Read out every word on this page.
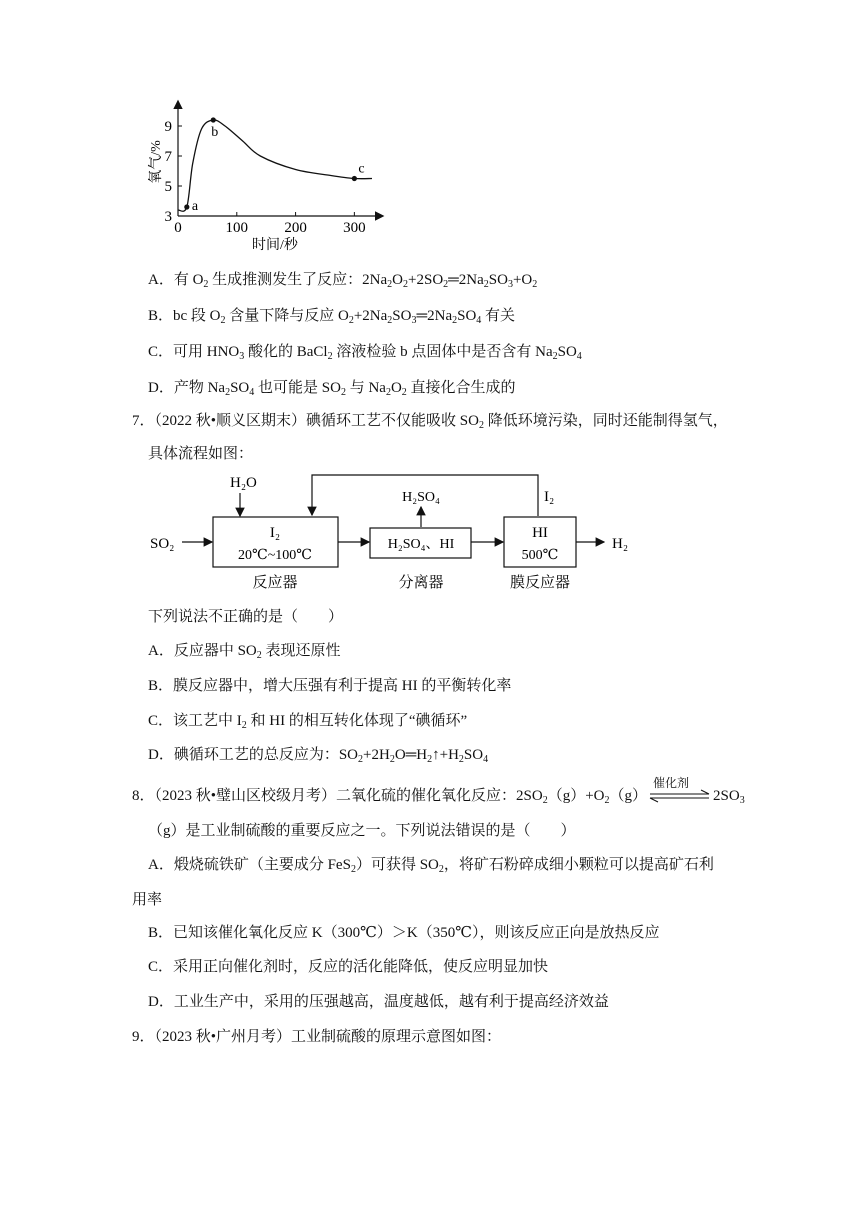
0	100 200 300
3
5
7
9
时间/秒
氧气/%
a
b
c
A．有 $O_2$ 生成推测发生了反应：$2Na_2O_2+2SO_2═2Na_2SO_3+O_2$
B．bc 段 $O_2$ 含量下降与反应 $O_2+2Na_2SO_3═2Na_2SO_4$ 有关
C．可用 $HNO_3$ 酸化的 BaCl$_2$ 溶液检验 b 点固体中是否含有 $Na_2SO_4$
D．产物 $Na_2SO_4$ 也可能是 $SO_2$ 与 $Na_2O_2$ 直接化合生成的
7．（2022 秋•顺义区期末）碘循环工艺不仅能吸收 $SO_2$ 降低环境污染，同时还能制得氢气，
具体流程如图：
SO₂
H₂O
I₂
20℃~100℃
反应器
H₂SO₄、HI
分离器
H₂SO₄
HI
500℃
膜反应器
H₂
I₂
下列说法不正确的是（　　）
A．反应器中 $SO_2$ 表现还原性
B．膜反应器中，增大压强有利于提高 HI 的平衡转化率
C．该工艺中 $I_2$ 和 HI 的相互转化体现了“碘循环”
D．碘循环工艺的总反应为：$SO_2+2H_2O═H_2↑+H_2SO_4$
8．（2023 秋•璧山区校级月考）二氧化硫的催化氧化反应：$2SO_2(g)+O_2(g)$
催化剂
$2SO_3$
（g）是工业制硫酸的重要反应之一。下列说法错误的是（　　）
A．煅烧硫铁矿（主要成分 FeS$_2$）可获得 $SO_2$，将矿石粉碎成细小颗粒可以提高矿石利
用率
B．已知该催化氧化反应 K（300℃）＞K（350℃），则该反应正向是放热反应
C．采用正向催化剂时，反应的活化能降低，使反应明显加快
D．工业生产中，采用的压强越高，温度越低，越有利于提高经济效益
9．（2023 秋•广州月考）工业制硫酸的原理示意图如图：
